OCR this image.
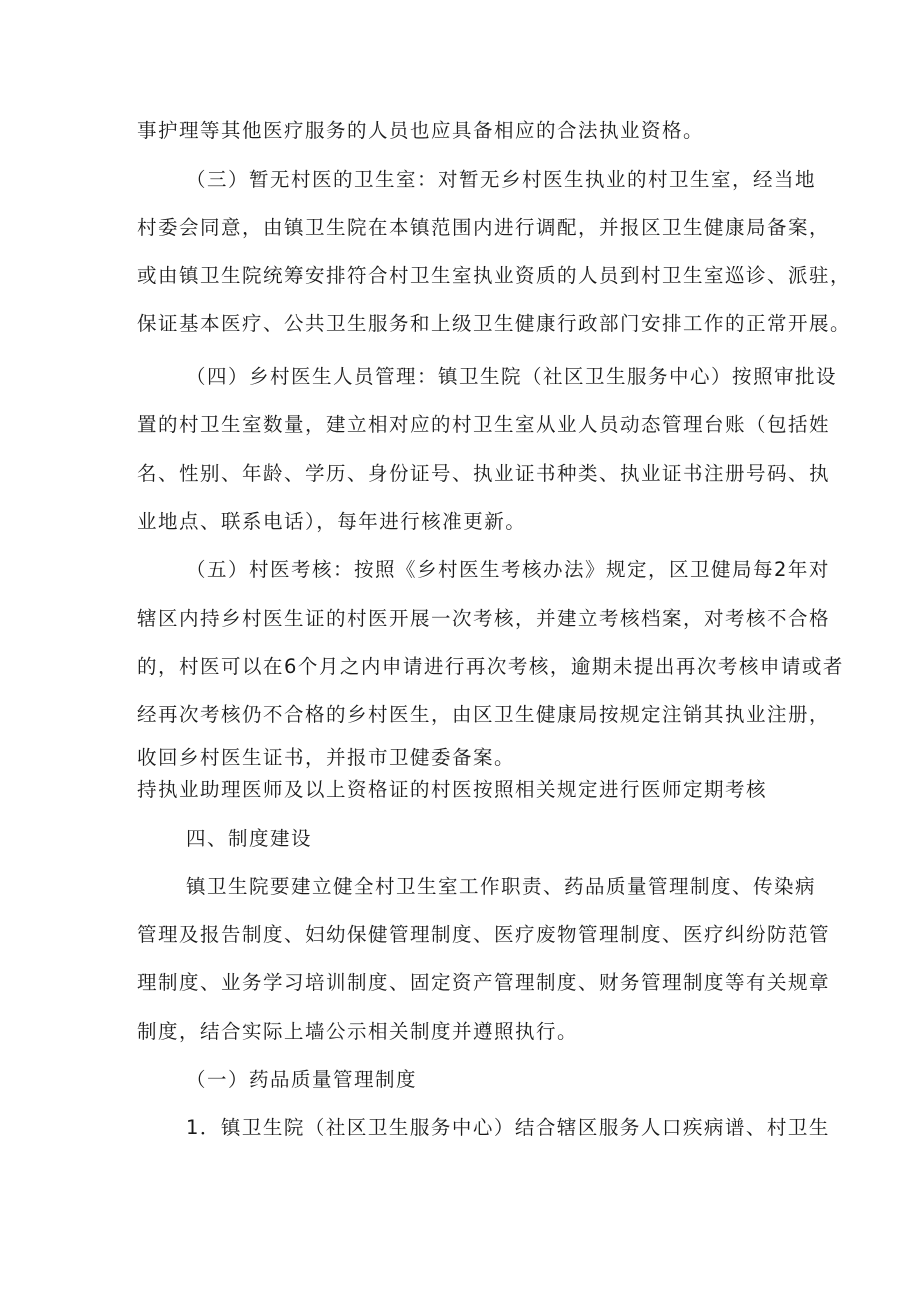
事护理等其他医疗服务的人员也应具备相应的合法执业资格。
（三）暂无村医的卫生室：对暂无乡村医生执业的村卫生室，经当地
村委会同意，由镇卫生院在本镇范围内进行调配，并报区卫生健康局备案，
或由镇卫生院统筹安排符合村卫生室执业资质的人员到村卫生室巡诊、派驻，
保证基本医疗、公共卫生服务和上级卫生健康行政部门安排工作的正常开展。
（四）乡村医生人员管理：镇卫生院（社区卫生服务中心）按照审批设
置的村卫生室数量，建立相对应的村卫生室从业人员动态管理台账（包括姓
名、性别、年龄、学历、身份证号、执业证书种类、执业证书注册号码、执
业地点、联系电话），每年进行核准更新。
（五）村医考核：按照《乡村医生考核办法》规定，区卫健局每2年对
辖区内持乡村医生证的村医开展一次考核，并建立考核档案，对考核不合格
的，村医可以在6个月之内申请进行再次考核，逾期未提出再次考核申请或者
经再次考核仍不合格的乡村医生，由区卫生健康局按规定注销其执业注册，
收回乡村医生证书，并报市卫健委备案。
持执业助理医师及以上资格证的村医按照相关规定进行医师定期考核
四、制度建设
镇卫生院要建立健全村卫生室工作职责、药品质量管理制度、传染病
管理及报告制度、妇幼保健管理制度、医疗废物管理制度、医疗纠纷防范管
理制度、业务学习培训制度、固定资产管理制度、财务管理制度等有关规章
制度，结合实际上墙公示相关制度并遵照执行。
（一）药品质量管理制度
1．镇卫生院（社区卫生服务中心）结合辖区服务人口疾病谱、村卫生
